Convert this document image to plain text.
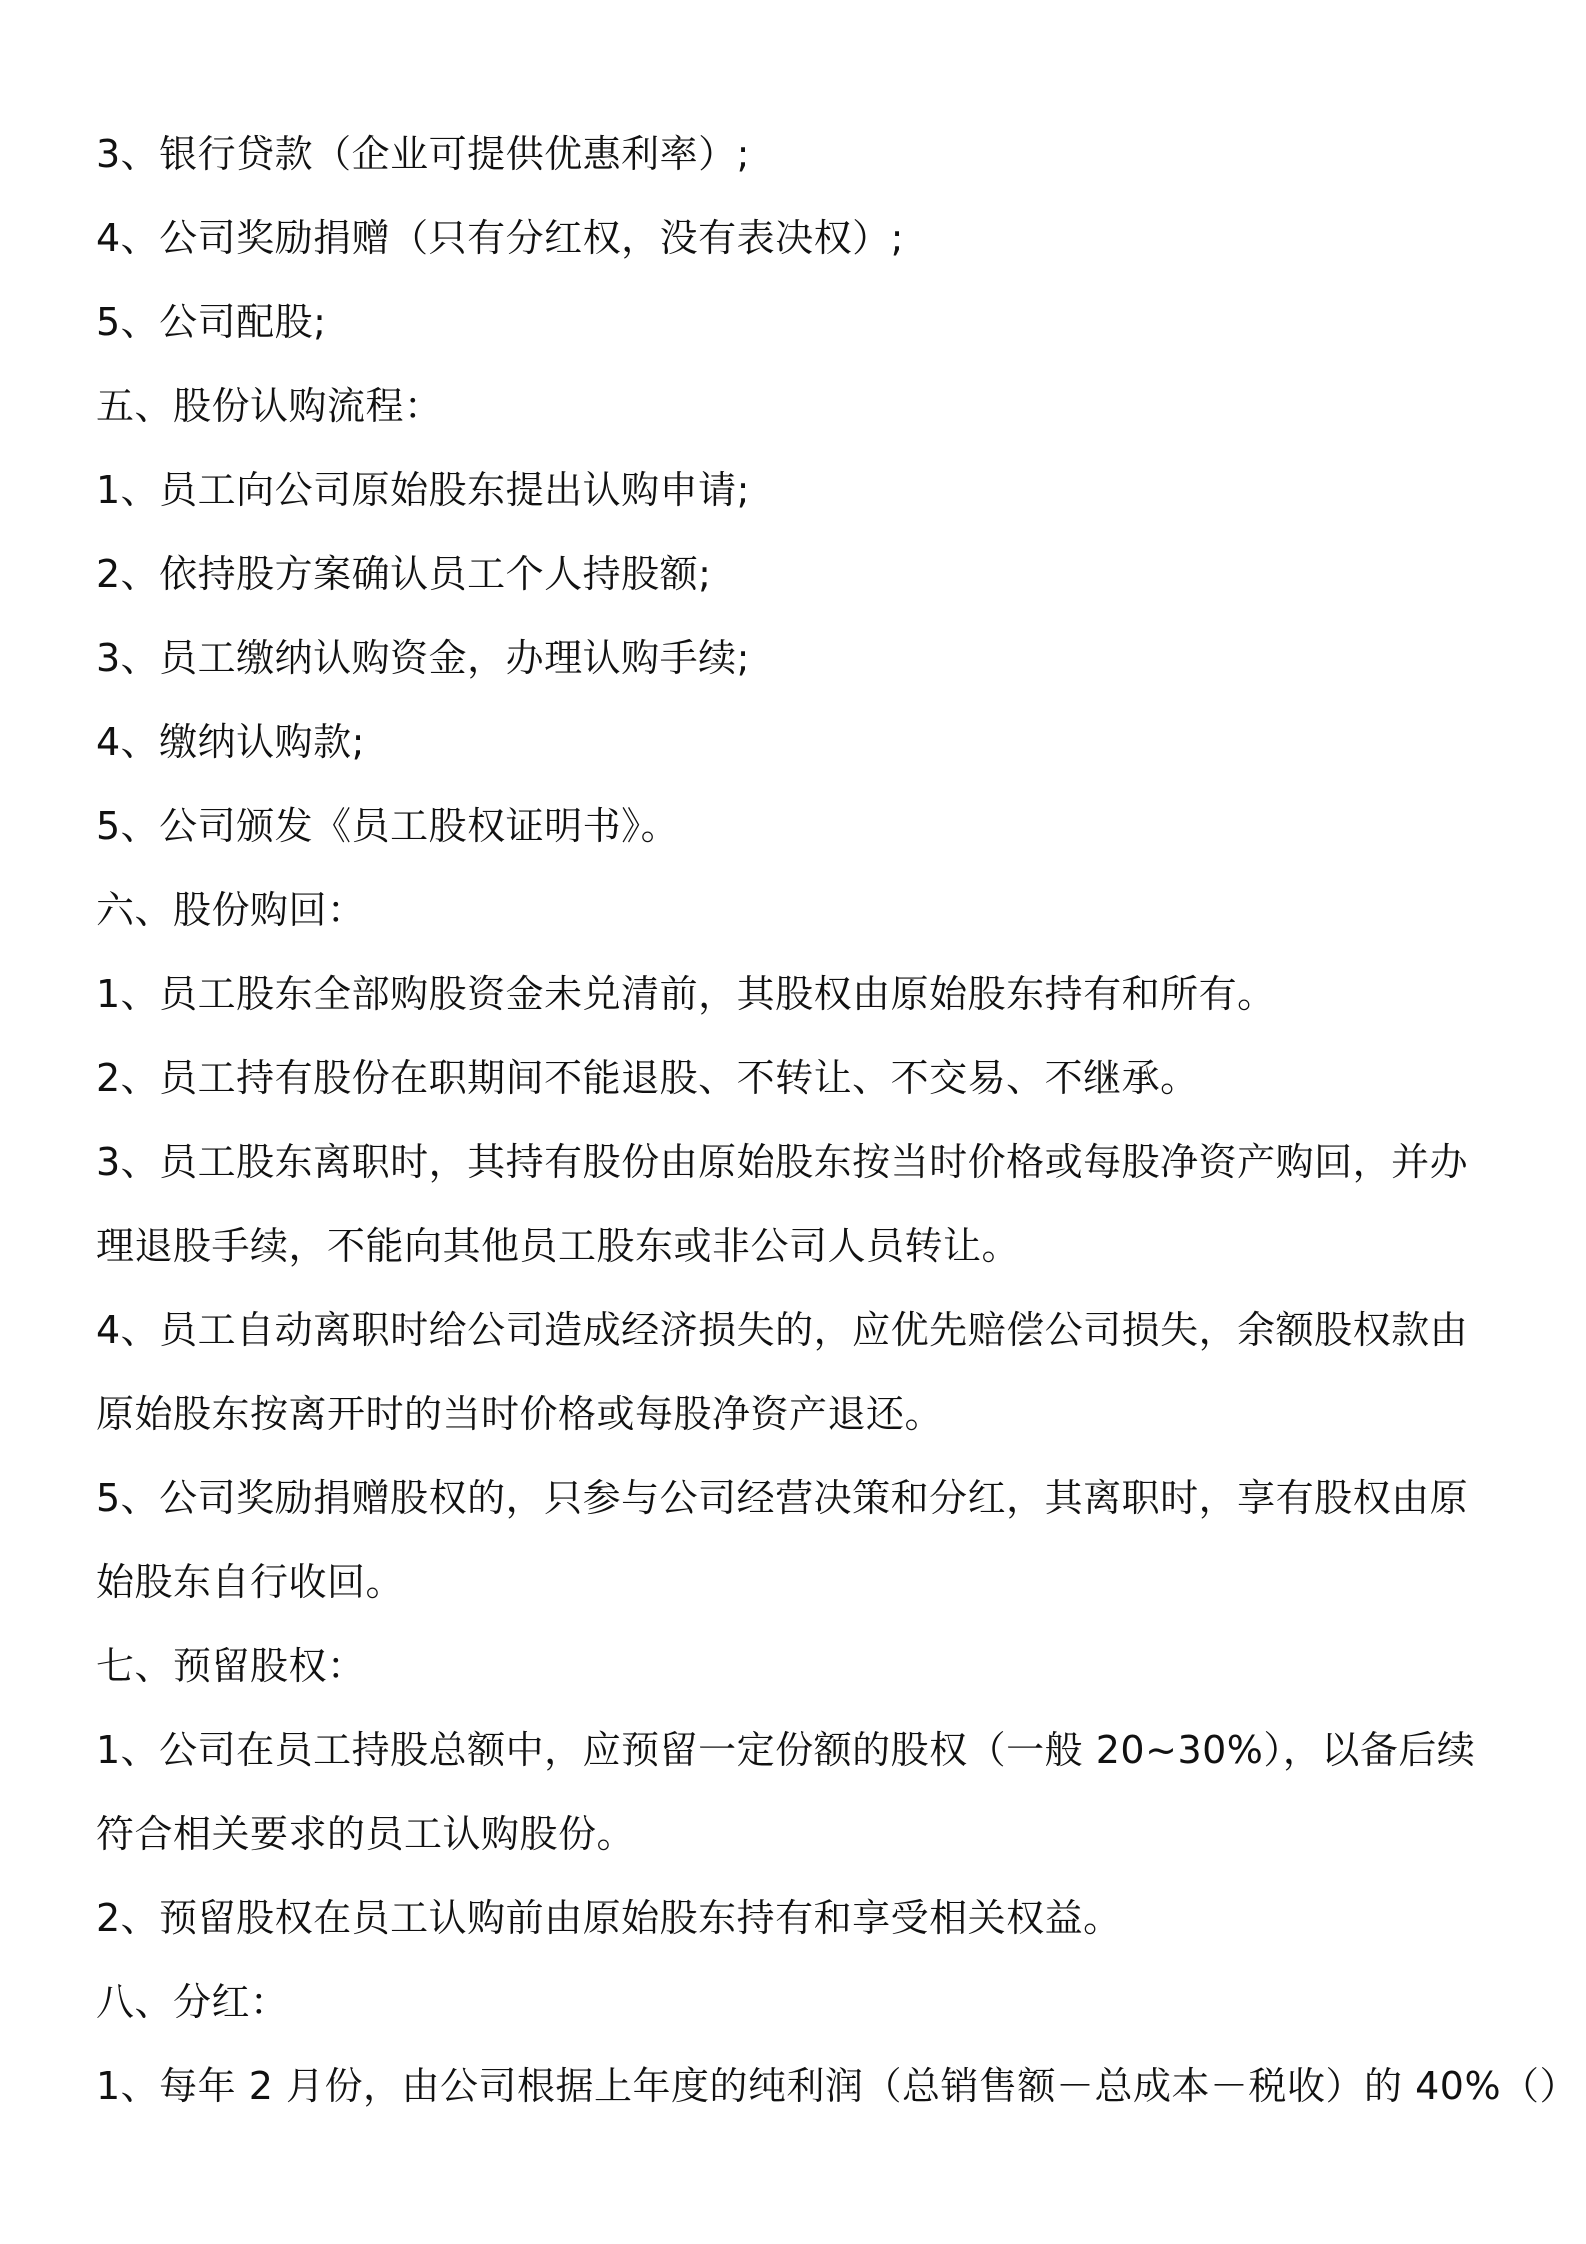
3、银行贷款（企业可提供优惠利率）;
4、公司奖励捐赠（只有分红权，没有表决权）;
5、公司配股;
五、股份认购流程：
1、员工向公司原始股东提出认购申请;
2、依持股方案确认员工个人持股额;
3、员工缴纳认购资金，办理认购手续;
4、缴纳认购款;
5、公司颁发《员工股权证明书》。
六、股份购回：
1、员工股东全部购股资金未兑清前，其股权由原始股东持有和所有。
2、员工持有股份在职期间不能退股、不转让、不交易、不继承。
3、员工股东离职时，其持有股份由原始股东按当时价格或每股净资产购回，并办理退股手续，不能向其他员工股东或非公司人员转让。
4、员工自动离职时给公司造成经济损失的，应优先赔偿公司损失，余额股权款由原始股东按离开时的当时价格或每股净资产退还。
5、公司奖励捐赠股权的，只参与公司经营决策和分红，其离职时，享有股权由原始股东自行收回。
七、预留股权：
1、公司在员工持股总额中，应预留一定份额的股权（一般 20~30%），以备后续符合相关要求的员工认购股份。
2、预留股权在员工认购前由原始股东持有和享受相关权益。
八、分红：
1、每年 2 月份，由公司根据上年度的纯利润（总销售额－总成本－税收）的 40%（）
